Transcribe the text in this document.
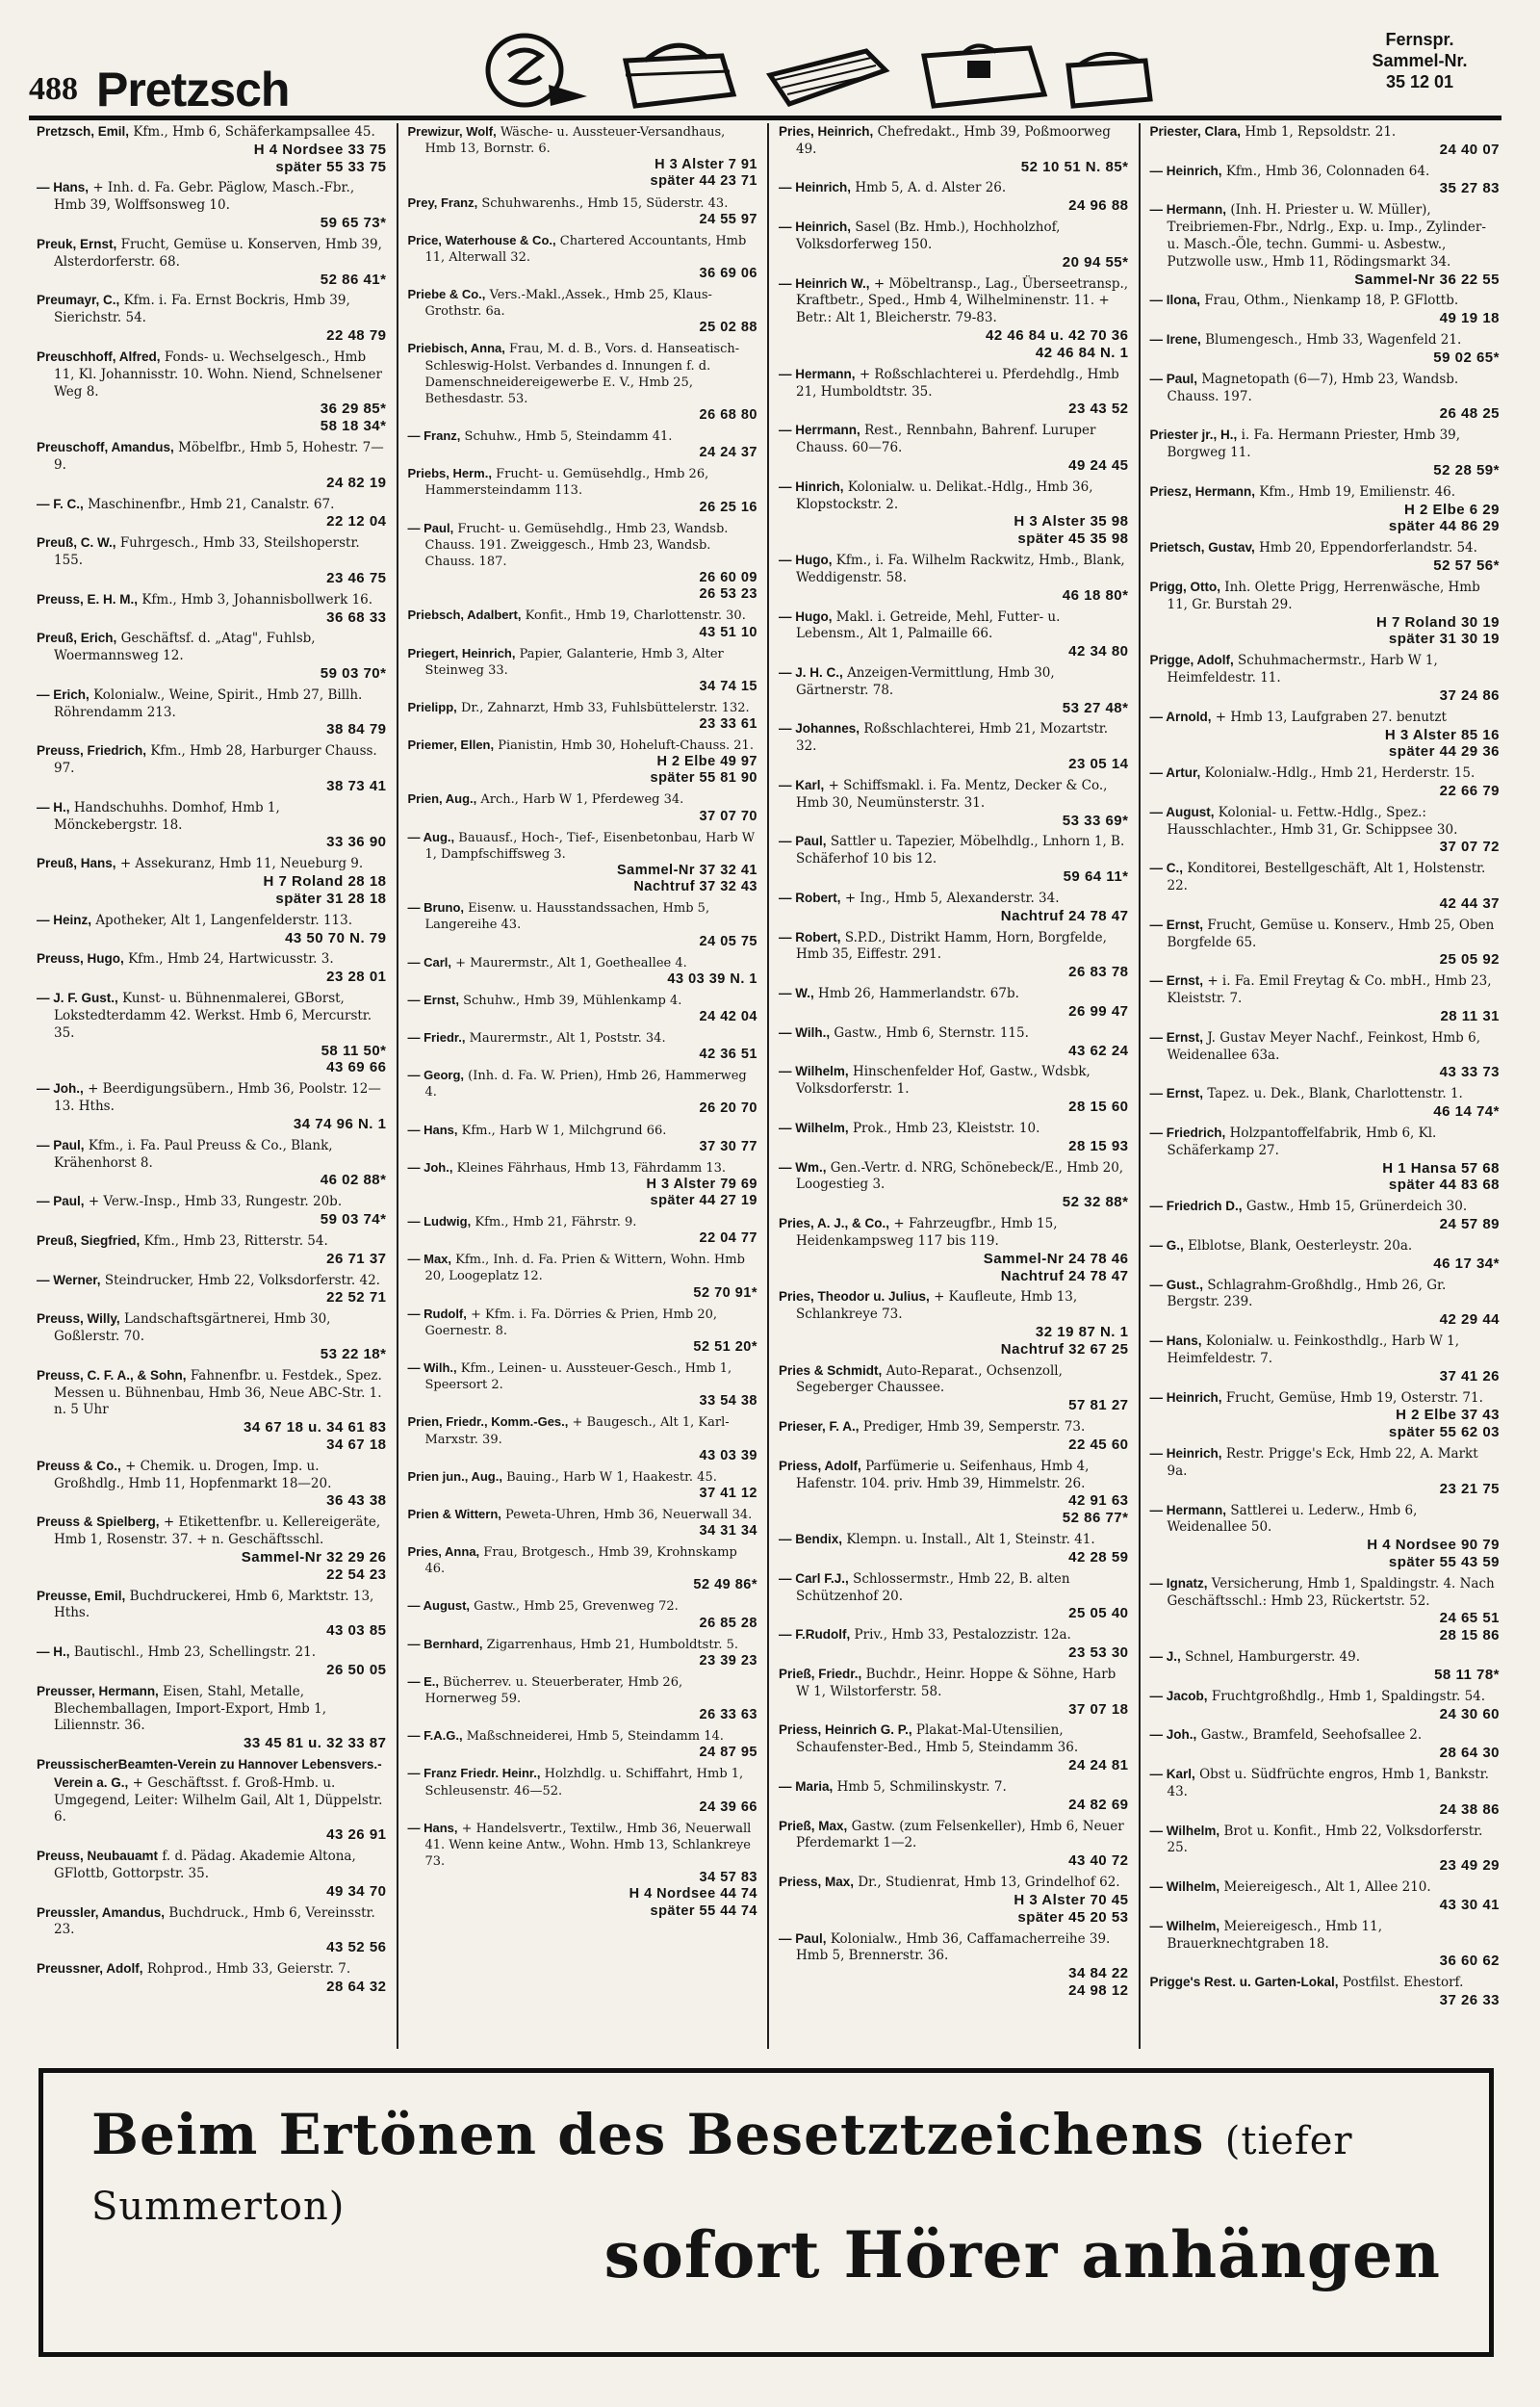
488 Pretzsch
Fernspr.
Sammel-Nr.
35 12 01
Pretzsch, Emil, Kfm., Hmb 6, Schäferkampsallee 45.
H 4 Nordsee 33 75
später 55 33 75
— Hans, + Inh. d. Fa. Gebr. Päglow, Masch.-Fbr., Hmb 39, Wolffsonsweg 10.
59 65 73*
Preuk, Ernst, Frucht, Gemüse u. Konserven, Hmb 39, Alsterdorferstr. 68.
52 86 41*
Preumayr, C., Kfm. i. Fa. Ernst Bockris, Hmb 39, Sierichstr. 54.
22 48 79
Preuschhoff, Alfred, Fonds- u. Wechselgesch., Hmb 11, Kl. Johannisstr. 10. Wohn. Niend, Schnelsener Weg 8.
36 29 85*
58 18 34*
Preuschoff, Amandus, Möbelfbr., Hmb 5, Hohestr. 7—9.
24 82 19
— F. C., Maschinenfbr., Hmb 21, Canalstr. 67.
22 12 04
Preuß, C. W., Fuhrgesch., Hmb 33, Steilshoperstr. 155.
23 46 75
Preuss, E. H. M., Kfm., Hmb 3, Johannisbollwerk 16.
36 68 33
Preuß, Erich, Geschäftsf. d. „Atag", Fuhlsb, Woermannsweg 12.
59 03 70*
— Erich, Kolonialw., Weine, Spirit., Hmb 27, Billh. Röhrendamm 213.
38 84 79
Preuss, Friedrich, Kfm., Hmb 28, Harburger Chauss. 97.
38 73 41
— H., Handschuhhs. Domhof, Hmb 1, Mönckebergstr. 18.
33 36 90
Preuß, Hans, + Assekuranz, Hmb 11, Neueburg 9.
H 7 Roland 28 18
später 31 28 18
— Heinz, Apotheker, Alt 1, Langenfelderstr. 113.
43 50 70 N. 79
Preuss, Hugo, Kfm., Hmb 24, Hartwicusstr. 3.
23 28 01
— J. F. Gust., Kunst- u. Bühnenmalerei, GBorst, Lokstedterdamm 42. Werkst. Hmb 6, Mercurstr. 35.
58 11 50*
43 69 66
— Joh., + Beerdigungsübern., Hmb 36, Poolstr. 12—13. Hths.
34 74 96 N. 1
— Paul, Kfm., i. Fa. Paul Preuss & Co., Blank, Krähenhorst 8.
46 02 88*
— Paul, + Verw.-Insp., Hmb 33, Rungestr. 20b.
59 03 74*
Preuß, Siegfried, Kfm., Hmb 23, Ritterstr. 54.
26 71 37
— Werner, Steindrucker, Hmb 22, Volksdorferstr. 42.
22 52 71
Preuss, Willy, Landschaftsgärtnerei, Hmb 30, Goßlerstr. 70.
53 22 18*
Preuss, C. F. A., & Sohn, Fahnenfbr. u. Festdek., Spez. Messen u. Bühnenbau, Hmb 36, Neue ABC-Str. 1. n. 5 Uhr
34 67 18 u. 34 61 83
34 67 18
Preuss & Co., + Chemik. u. Drogen, Imp. u. Großhdlg., Hmb 11, Hopfenmarkt 18—20.
36 43 38
Preuss & Spielberg, + Etikettenfbr. u. Kellereigeräte, Hmb 1, Rosenstr. 37. + n. Geschäftsschl.
Sammel-Nr 32 29 26
22 54 23
Preusse, Emil, Buchdruckerei, Hmb 6, Marktstr. 13, Hths.
43 03 85
— H., Bautischl., Hmb 23, Schellingstr. 21.
26 50 05
Preusser, Hermann, Eisen, Stahl, Metalle, Blechemballagen, Import-Export, Hmb 1, Liliennstr. 36.
33 45 81 u. 32 33 87
PreussischerBeamten-Verein zu Hannover Lebensvers.-Verein a. G., + Geschäftsst. f. Groß-Hmb. u. Umgegend, Leiter: Wilhelm Gail, Alt 1, Düppelstr. 6.
43 26 91
Preuss, Neubauamt f. d. Pädag. Akademie Altona, GFlottb, Gottorpstr. 35.
49 34 70
Preussler, Amandus, Buchdruck., Hmb 6, Vereinsstr. 23.
43 52 56
Preussner, Adolf, Rohprod., Hmb 33, Geierstr. 7.
28 64 32
Prewizur, Wolf, Wäsche- u. Aussteuer-Versandhaus, Hmb 13, Bornstr. 6.
H 3 Alster 7 91
später 44 23 71
Prey, Franz, Schuhwarenhs., Hmb 15, Süderstr. 43.
24 55 97
Price, Waterhouse & Co., Chartered Accountants, Hmb 11, Alterwall 32.
36 69 06
Priebe & Co., Vers.-Makl.,Assek., Hmb 25, Klaus-Grothstr. 6a.
25 02 88
Priebisch, Anna, Frau, M. d. B., Vors. d. Hanseatisch-Schleswig-Holst. Verbandes d. Innungen f. d. Damenschneidereigewerbe E. V., Hmb 25, Bethesdastr. 53.
26 68 80
— Franz, Schuhw., Hmb 5, Steindamm 41.
24 24 37
Priebs, Herm., Frucht- u. Gemüsehdlg., Hmb 26, Hammersteindamm 113.
26 25 16
— Paul, Frucht- u. Gemüsehdlg., Hmb 23, Wandsb. Chauss. 191. Zweiggesch., Hmb 23, Wandsb. Chauss. 187.
26 60 09
26 53 23
Priebsch, Adalbert, Konfit., Hmb 19, Charlottenstr. 30.
43 51 10
Priegert, Heinrich, Papier, Galanterie, Hmb 3, Alter Steinweg 33.
34 74 15
Prielipp, Dr., Zahnarzt, Hmb 33, Fuhlsbüttelerstr. 132.
23 33 61
Priemer, Ellen, Pianistin, Hmb 30, Hoheluft-Chauss. 21.
H 2 Elbe 49 97
später 55 81 90
Prien, Aug., Arch., Harb W 1, Pferdeweg 34.
37 07 70
— Aug., Bauausf., Hoch-, Tief-, Eisenbetonbau, Harb W 1, Dampfschiffsweg 3.
Sammel-Nr 37 32 41
Nachtruf 37 32 43
— Bruno, Eisenw. u. Hausstandssachen, Hmb 5, Langereihe 43.
24 05 75
— Carl, + Maurermstr., Alt 1, Goetheallee 4.
43 03 39 N. 1
— Ernst, Schuhw., Hmb 39, Mühlenkamp 4.
24 42 04
— Friedr., Maurermstr., Alt 1, Poststr. 34.
42 36 51
— Georg, (Inh. d. Fa. W. Prien), Hmb 26, Hammerweg 4.
26 20 70
— Hans, Kfm., Harb W 1, Milchgrund 66.
37 30 77
— Joh., Kleines Fährhaus, Hmb 13, Fährdamm 13.
H 3 Alster 79 69
später 44 27 19
— Ludwig, Kfm., Hmb 21, Fährstr. 9.
22 04 77
— Max, Kfm., Inh. d. Fa. Prien & Wittern, Wohn. Hmb 20, Loogeplatz 12.
52 70 91*
— Rudolf, + Kfm. i. Fa. Dörries & Prien, Hmb 20, Goernestr. 8.
52 51 20*
— Wilh., Kfm., Leinen- u. Aussteuer-Gesch., Hmb 1, Speersort 2.
33 54 38
Prien, Friedr., Komm.-Ges., + Baugesch., Alt 1, Karl-Marxstr. 39.
43 03 39
Prien jun., Aug., Bauing., Harb W 1, Haakestr. 45.
37 41 12
Prien & Wittern, Peweta-Uhren, Hmb 36, Neuerwall 34.
34 31 34
Pries, Anna, Frau, Brotgesch., Hmb 39, Krohnskamp 46.
52 49 86*
— August, Gastw., Hmb 25, Grevenweg 72.
26 85 28
— Bernhard, Zigarrenhaus, Hmb 21, Humboldtstr. 5.
23 39 23
— E., Bücherrev. u. Steuerberater, Hmb 26, Hornerweg 59.
26 33 63
— F.A.G., Maßschneiderei, Hmb 5, Steindamm 14.
24 87 95
— Franz Friedr. Heinr., Holzhdlg. u. Schiffahrt, Hmb 1, Schleusenstr. 46—52.
24 39 66
— Hans, + Handelsvertr., Textilw., Hmb 36, Neuerwall 41. Wenn keine Antw., Wohn. Hmb 13, Schlankreye 73.
34 57 83
H 4 Nordsee 44 74
später 55 44 74
Pries, Heinrich, Chefredakt., Hmb 39, Poßmoorweg 49.
52 10 51 N. 85*
— Heinrich, Hmb 5, A. d. Alster 26.
24 96 88
— Heinrich, Sasel (Bz. Hmb.), Hochholzhof, Volksdorferweg 150.
20 94 55*
— Heinrich W., + Möbeltransp., Lag., Überseetransp., Kraftbetr., Sped., Hmb 4, Wilhelminenstr. 11. + Betr.: Alt 1, Bleicherstr. 79-83.
42 46 84 u. 42 70 36
42 46 84 N. 1
— Hermann, + Roßschlachterei u. Pferdehdlg., Hmb 21, Humboldtstr. 35.
23 43 52
— Herrmann, Rest., Rennbahn, Bahrenf. Luruper Chauss. 60—76.
49 24 45
— Hinrich, Kolonialw. u. Delikat.-Hdlg., Hmb 36, Klopstockstr. 2.
H 3 Alster 35 98
später 45 35 98
— Hugo, Kfm., i. Fa. Wilhelm Rackwitz, Hmb., Blank, Weddigenstr. 58.
46 18 80*
— Hugo, Makl. i. Getreide, Mehl, Futter- u. Lebensm., Alt 1, Palmaille 66.
42 34 80
— J. H. C., Anzeigen-Vermittlung, Hmb 30, Gärtnerstr. 78.
53 27 48*
— Johannes, Roßschlachterei, Hmb 21, Mozartstr. 32.
23 05 14
— Karl, + Schiffsmakl. i. Fa. Mentz, Decker & Co., Hmb 30, Neumünsterstr. 31.
53 33 69*
— Paul, Sattler u. Tapezier, Möbelhdlg., Lnhorn 1, B. Schäferhof 10 bis 12.
59 64 11*
— Robert, + Ing., Hmb 5, Alexanderstr. 34.
Nachtruf 24 78 47
— Robert, S.P.D., Distrikt Hamm, Horn, Borgfelde, Hmb 35, Eiffestr. 291.
26 83 78
— W., Hmb 26, Hammerlandstr. 67b.
26 99 47
— Wilh., Gastw., Hmb 6, Sternstr. 115.
43 62 24
— Wilhelm, Hinschenfelder Hof, Gastw., Wdsbk, Volksdorferstr. 1.
28 15 60
— Wilhelm, Prok., Hmb 23, Kleiststr. 10.
28 15 93
— Wm., Gen.-Vertr. d. NRG, Schönebeck/E., Hmb 20, Loogestieg 3.
52 32 88*
Pries, A. J., & Co., + Fahrzeugfbr., Hmb 15, Heidenkampsweg 117 bis 119.
Sammel-Nr 24 78 46
Nachtruf 24 78 47
Pries, Theodor u. Julius, + Kaufleute, Hmb 13, Schlankreye 73.
32 19 87 N. 1
Nachtruf 32 67 25
Pries & Schmidt, Auto-Reparat., Ochsenzoll, Segeberger Chaussee.
57 81 27
Prieser, F. A., Prediger, Hmb 39, Semperstr. 73.
22 45 60
Priess, Adolf, Parfümerie u. Seifenhaus, Hmb 4, Hafenstr. 104. priv. Hmb 39, Himmelstr. 26.
42 91 63
52 86 77*
— Bendix, Klempn. u. Install., Alt 1, Steinstr. 41.
42 28 59
— Carl F.J., Schlossermstr., Hmb 22, B. alten Schützenhof 20.
25 05 40
— F.Rudolf, Priv., Hmb 33, Pestalozzistr. 12a.
23 53 30
Prieß, Friedr., Buchdr., Heinr. Hoppe & Söhne, Harb W 1, Wilstorferstr. 58.
37 07 18
Priess, Heinrich G. P., Plakat-Mal-Utensilien, Schaufenster-Bed., Hmb 5, Steindamm 36.
24 24 81
— Maria, Hmb 5, Schmilinskystr. 7.
24 82 69
Prieß, Max, Gastw. (zum Felsenkeller), Hmb 6, Neuer Pferdemarkt 1—2.
43 40 72
Priess, Max, Dr., Studienrat, Hmb 13, Grindelhof 62.
H 3 Alster 70 45
später 45 20 53
— Paul, Kolonialw., Hmb 36, Caffamacherreihe 39. Hmb 5, Brennerstr. 36.
34 84 22
24 98 12
Priester, Clara, Hmb 1, Repsoldstr. 21.
24 40 07
— Heinrich, Kfm., Hmb 36, Colonnaden 64.
35 27 83
— Hermann, (Inh. H. Priester u. W. Müller), Treibriemen-Fbr., Ndrlg., Exp. u. Imp., Zylinder- u. Masch.-Öle, techn. Gummi- u. Asbestw., Putzwolle usw., Hmb 11, Rödingsmarkt 34.
Sammel-Nr 36 22 55
— Ilona, Frau, Othm., Nienkamp 18, P. GFlottb.
49 19 18
— Irene, Blumengesch., Hmb 33, Wagenfeld 21.
59 02 65*
— Paul, Magnetopath (6—7), Hmb 23, Wandsb. Chauss. 197.
26 48 25
Priester jr., H., i. Fa. Hermann Priester, Hmb 39, Borgweg 11.
52 28 59*
Priesz, Hermann, Kfm., Hmb 19, Emilienstr. 46.
H 2 Elbe 6 29
später 44 86 29
Prietsch, Gustav, Hmb 20, Eppendorferlandstr. 54.
52 57 56*
Prigg, Otto, Inh. Olette Prigg, Herrenwäsche, Hmb 11, Gr. Burstah 29.
H 7 Roland 30 19
später 31 30 19
Prigge, Adolf, Schuhmachermstr., Harb W 1, Heimfeldestr. 11.
37 24 86
— Arnold, + Hmb 13, Laufgraben 27. benutzt
H 3 Alster 85 16
später 44 29 36
— Artur, Kolonialw.-Hdlg., Hmb 21, Herderstr. 15.
22 66 79
— August, Kolonial- u. Fettw.-Hdlg., Spez.: Hausschlachter., Hmb 31, Gr. Schippsee 30.
37 07 72
— C., Konditorei, Bestellgeschäft, Alt 1, Holstenstr. 22.
42 44 37
— Ernst, Frucht, Gemüse u. Konserv., Hmb 25, Oben Borgfelde 65.
25 05 92
— Ernst, + i. Fa. Emil Freytag & Co. mbH., Hmb 23, Kleiststr. 7.
28 11 31
— Ernst, J. Gustav Meyer Nachf., Feinkost, Hmb 6, Weidenallee 63a.
43 33 73
— Ernst, Tapez. u. Dek., Blank, Charlottenstr. 1.
46 14 74*
— Friedrich, Holzpantoffelfabrik, Hmb 6, Kl. Schäferkamp 27.
H 1 Hansa 57 68
später 44 83 68
— Friedrich D., Gastw., Hmb 15, Grünerdeich 30.
24 57 89
— G., Elblotse, Blank, Oesterleystr. 20a.
46 17 34*
— Gust., Schlagrahm-Großhdlg., Hmb 26, Gr. Bergstr. 239.
42 29 44
— Hans, Kolonialw. u. Feinkosthdlg., Harb W 1, Heimfeldestr. 7.
37 41 26
— Heinrich, Frucht, Gemüse, Hmb 19, Osterstr. 71.
H 2 Elbe 37 43
später 55 62 03
— Heinrich, Restr. Prigge's Eck, Hmb 22, A. Markt 9a.
23 21 75
— Hermann, Sattlerei u. Lederw., Hmb 6, Weidenallee 50.
H 4 Nordsee 90 79
später 55 43 59
— Ignatz, Versicherung, Hmb 1, Spaldingstr. 4. Nach Geschäftsschl.: Hmb 23, Rückertstr. 52.
24 65 51
28 15 86
— J., Schnel, Hamburgerstr. 49.
58 11 78*
— Jacob, Fruchtgroßhdlg., Hmb 1, Spaldingstr. 54.
24 30 60
— Joh., Gastw., Bramfeld, Seehofsallee 2.
28 64 30
— Karl, Obst u. Südfrüchte engros, Hmb 1, Bankstr. 43.
24 38 86
— Wilhelm, Brot u. Konfit., Hmb 22, Volksdorferstr. 25.
23 49 29
— Wilhelm, Meiereigesch., Alt 1, Allee 210.
43 30 41
— Wilhelm, Meiereigesch., Hmb 11, Brauerknechtgraben 18.
36 60 62
Prigge's Rest. u. Garten-Lokal, Postfilst. Ehestorf.
37 26 33
Beim Ertönen des Besetztzeichens (tiefer Summerton)
sofort Hörer anhängen
